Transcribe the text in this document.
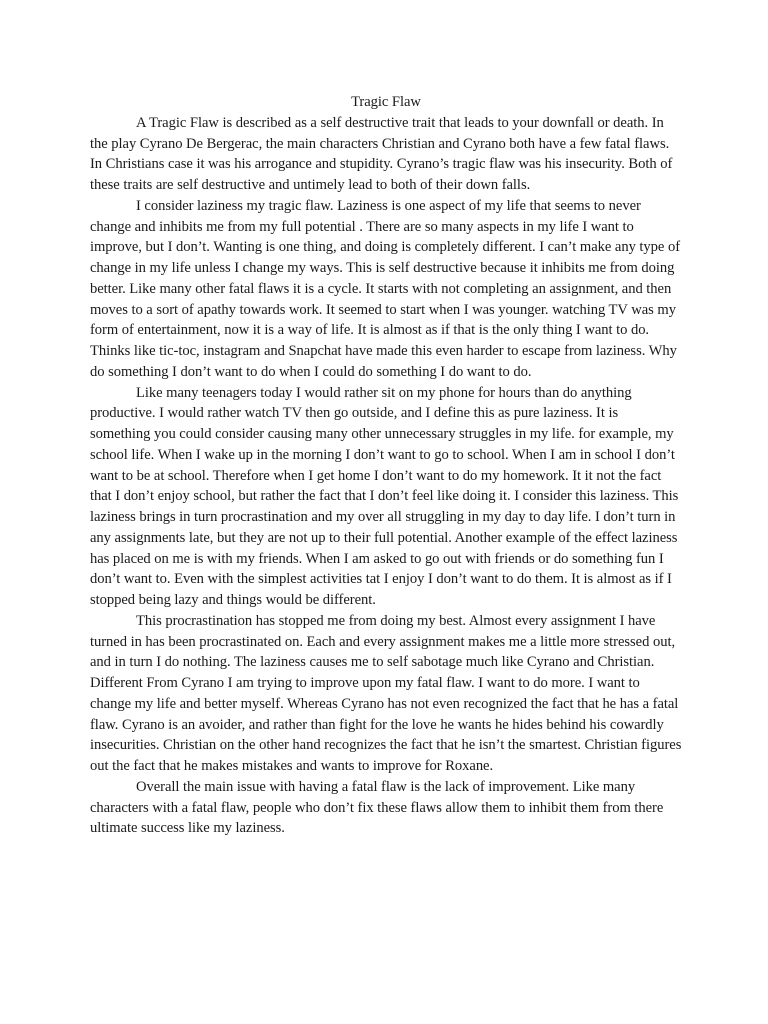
Tragic Flaw

A Tragic Flaw is described as a self destructive trait that leads to your downfall or death. In the play Cyrano De Bergerac, the main characters Christian and Cyrano both have a few fatal flaws. In Christians case it was his arrogance and stupidity. Cyrano’s tragic flaw was his insecurity. Both of these traits are self destructive and untimely lead to both of their down falls.

I consider laziness my tragic flaw. Laziness is one aspect of my life that seems to never change and inhibits me from my full potential . There are so many aspects in my life I want to improve, but I don’t. Wanting is one thing, and doing is completely different. I can’t make any type of change in my life unless I change my ways. This is self destructive because it inhibits me from doing better. Like many other fatal flaws it is a cycle. It starts with not completing an assignment, and then moves to a sort of apathy towards work. It seemed to start when I was younger. watching TV was my form of entertainment, now it is a way of life. It is almost as if that is the only thing I want to do. Thinks like tic-toc, instagram and Snapchat have made this even harder to escape from laziness. Why do something I don’t want to do when I could do something I do want to do.

Like many teenagers today I would rather sit on my phone for hours than do anything productive. I would rather watch TV then go outside, and I define this as pure laziness. It is something you could consider causing many other unnecessary struggles in my life. for example, my school life. When I wake up in the morning I don’t want to go to school. When I am in school I don’t want to be at school. Therefore when I get home I don’t want to do my homework. It it not the fact that I don’t enjoy school, but rather the fact that I don’t feel like doing it. I consider this laziness. This laziness brings in turn procrastination and my over all struggling in my day to day life. I don’t turn in any assignments late, but they are not up to their full potential. Another example of the effect laziness has placed on me is with my friends. When I am asked to go out with friends or do something fun I don’t want to. Even with the simplest activities tat I enjoy I don’t want to do them. It is almost as if I stopped being lazy and things would be different.

This procrastination has stopped me from doing my best. Almost every assignment I have turned in has been procrastinated on. Each and every assignment makes me a little more stressed out, and in turn I do nothing. The laziness causes me to self sabotage much like Cyrano and Christian. Different From Cyrano I am trying to improve upon my fatal flaw. I want to do more. I want to change my life and better myself. Whereas Cyrano has not even recognized the fact that he has a fatal flaw. Cyrano is an avoider, and rather than fight for the love he wants he hides behind his cowardly insecurities. Christian on the other hand recognizes the fact that he isn’t the smartest. Christian figures out the fact that he makes mistakes and wants to improve for Roxane.

Overall the main issue with having a fatal flaw is the lack of improvement. Like many characters with a fatal flaw, people who don’t fix these flaws allow them to inhibit them from there ultimate success like my laziness.
